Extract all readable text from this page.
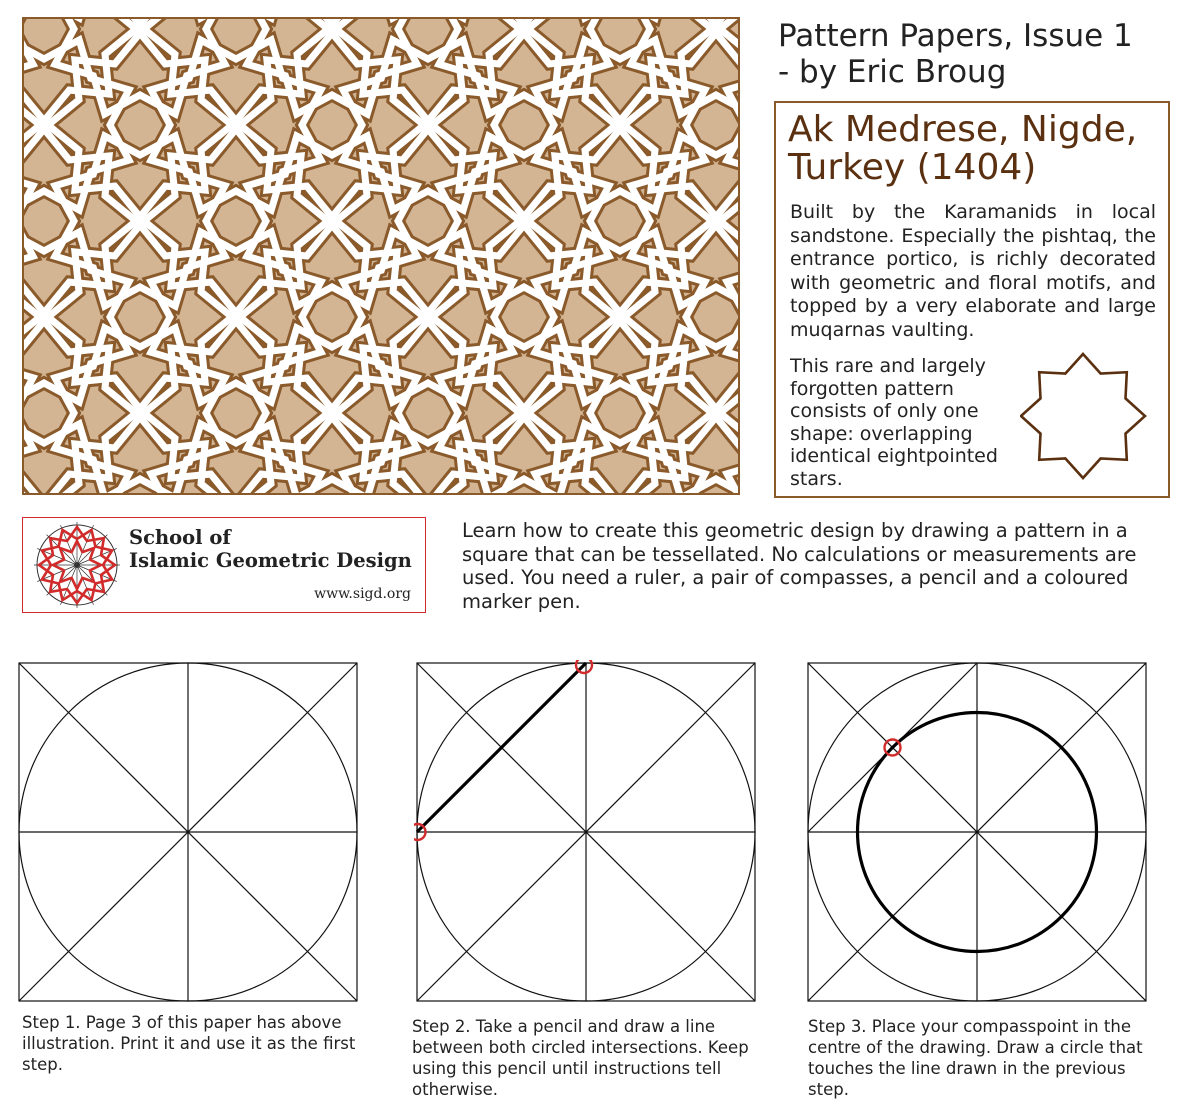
Pattern Papers, Issue 1
- by Eric Broug
Ak Medrese, Nigde,
Turkey (1404)
Built by the Karamanids in local sandstone. Especially the pishtaq, the entrance portico, is richly decorated with geometric and floral motifs, and topped by a very elaborate and large muqarnas vaulting.
This rare and largely forgotten pattern consists of only one shape: overlapping identical eightpointed stars.
School of
Islamic Geometric Design
www.sigd.org
Learn how to create this geometric design by drawing a pattern in a square that can be tessellated. No calculations or measurements are used. You need a ruler, a pair of compasses, a pencil and a coloured marker pen.
Step 1. Page 3 of this paper has above illustration. Print it and use it as the first step.
Step 2. Take a pencil and draw a line between both circled intersections. Keep using this pencil until instructions tell otherwise.
Step 3. Place your compasspoint in the centre of the drawing. Draw a circle that touches the line drawn in the previous step.
